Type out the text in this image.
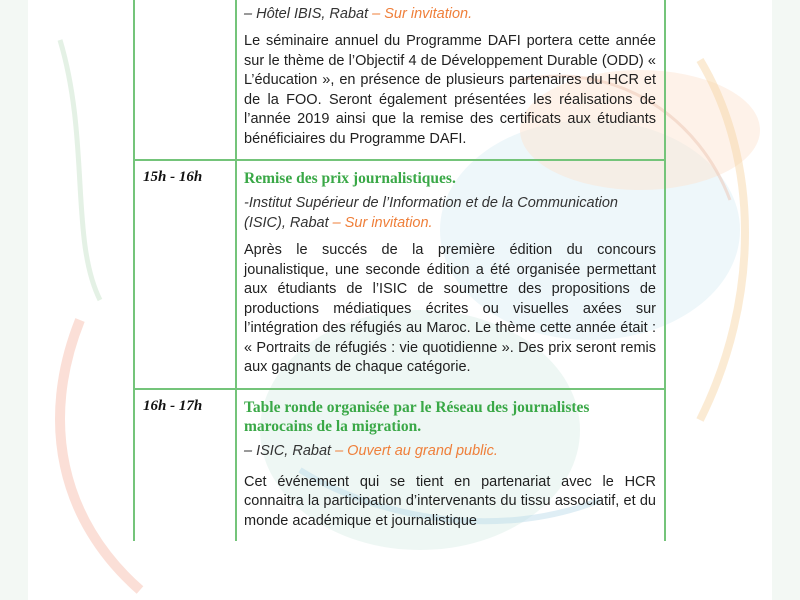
– Hôtel IBIS, Rabat – Sur invitation.
Le séminaire annuel du Programme DAFI portera cette année sur le thème de l’Objectif 4 de Développement Durable (ODD) « L’éducation », en présence de plusieurs partenaires du HCR et de la FOO. Seront également présentées les réalisations de l’année 2019 ainsi que la remise des certificats aux étudiants bénéficiaires du Programme DAFI.
15h - 16h	Remise des prix journalistiques.
-Institut Supérieur de l’Information et de la Communication (ISIC), Rabat – Sur invitation.
Après le succés de la première édition du concours jounalistique, une seconde édition a été organisée permettant aux étudiants de l’ISIC de soumettre des propositions de productions médiatiques écrites ou visuelles axées sur l’intégration des réfugiés au Maroc. Le thème cette année était : « Portraits de réfugiés : vie quotidienne ». Des prix seront remis aux gagnants de chaque catégorie.
16h - 17h	Table ronde organisée par le Réseau des journalistes marocains de la migration.
– ISIC, Rabat – Ouvert au grand public.
Cet événement qui se tient en partenariat avec le HCR connaitra la participation d’intervenants du tissu associatif, et du monde académique et journalistique
